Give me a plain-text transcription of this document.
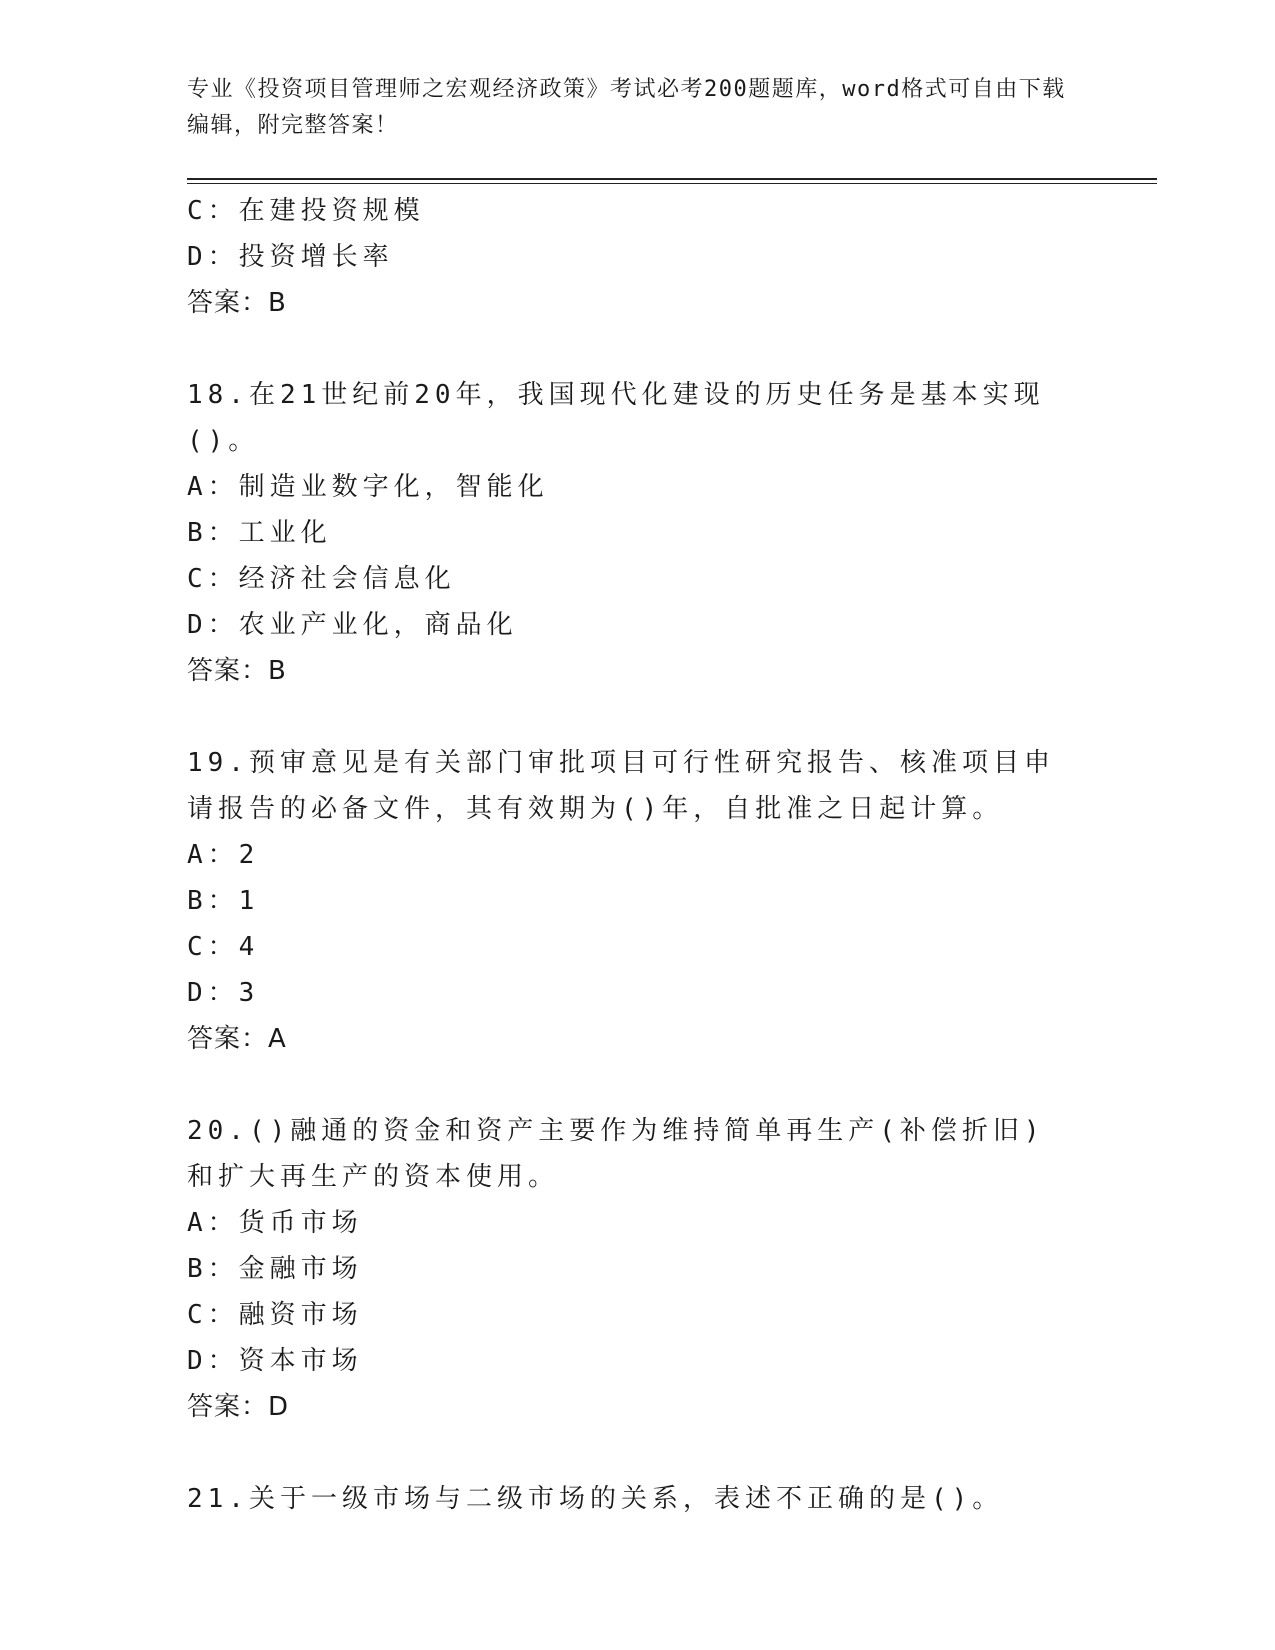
专业《投资项目管理师之宏观经济政策》考试必考200题题库，word格式可自由下载编辑，附完整答案！
C：在建投资规模
D：投资增长率
答案：B
18.在21世纪前20年，我国现代化建设的历史任务是基本实现()。
A：制造业数字化，智能化
B：工业化
C：经济社会信息化
D：农业产业化，商品化
答案：B
19.预审意见是有关部门审批项目可行性研究报告、核准项目申请报告的必备文件，其有效期为()年，自批准之日起计算。
A：2
B：1
C：4
D：3
答案：A
20.()融通的资金和资产主要作为维持简单再生产(补偿折旧)和扩大再生产的资本使用。
A：货币市场
B：金融市场
C：融资市场
D：资本市场
答案：D
21.关于一级市场与二级市场的关系，表述不正确的是()。
